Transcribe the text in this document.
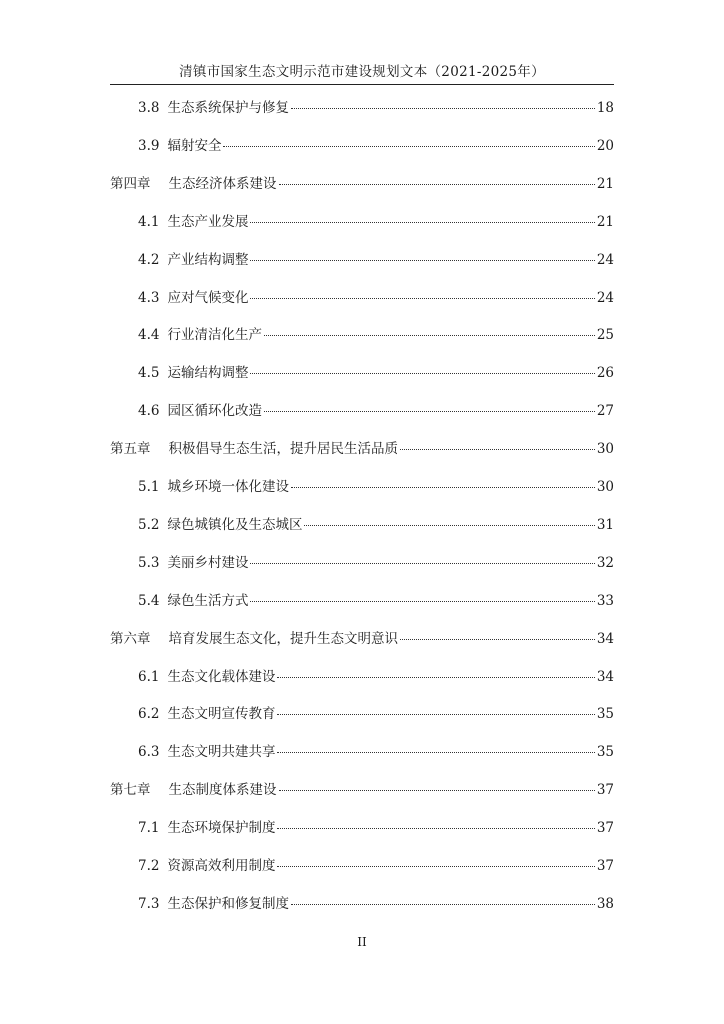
清镇市国家生态文明示范市建设规划文本（2021-2025年）
3.8 生态系统保护与修复	18
3.9 辐射安全	20
第四章 生态经济体系建设	21
4.1 生态产业发展	21
4.2 产业结构调整	24
4.3 应对气候变化	24
4.4 行业清洁化生产	25
4.5 运输结构调整	26
4.6 园区循环化改造	27
第五章 积极倡导生态生活，提升居民生活品质	30
5.1 城乡环境一体化建设	30
5.2 绿色城镇化及生态城区	31
5.3 美丽乡村建设	32
5.4 绿色生活方式	33
第六章 培育发展生态文化，提升生态文明意识	34
6.1 生态文化载体建设	34
6.2 生态文明宣传教育	35
6.3 生态文明共建共享	35
第七章 生态制度体系建设	37
7.1 生态环境保护制度	37
7.2 资源高效利用制度	37
7.3 生态保护和修复制度	38
II
